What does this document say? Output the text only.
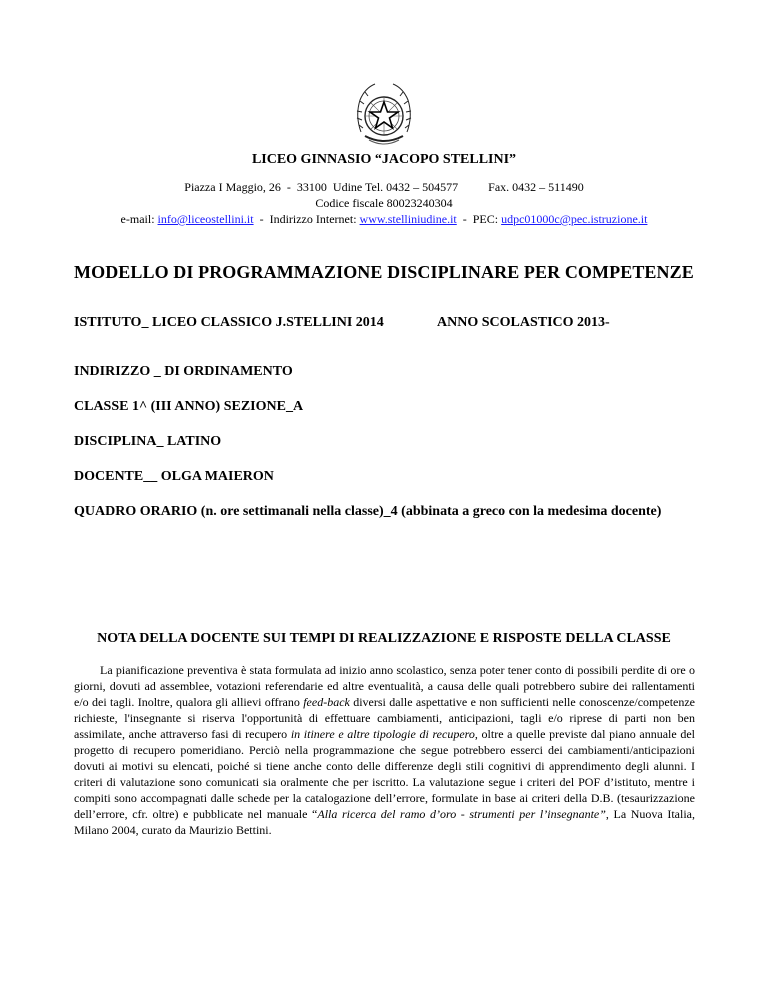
LICEO GINNASIO “JACOPO STELLINI”
Piazza I Maggio, 26  -  33100  Udine Tel. 0432 – 504577          Fax. 0432 – 511490
Codice fiscale 80023240304
e-mail: info@liceostellini.it  -  Indirizzo Internet: www.stelliniudine.it  -  PEC: udpc01000c@pec.istruzione.it
MODELLO DI PROGRAMMAZIONE DISCIPLINARE PER COMPETENZE
ISTITUTO_ LICEO CLASSICO J.STELLINI 2014	ANNO SCOLASTICO 2013-
INDIRIZZO _ DI ORDINAMENTO
CLASSE 1^ (III ANNO) SEZIONE_A
DISCIPLINA_ LATINO
DOCENTE__ OLGA MAIERON
QUADRO ORARIO (n. ore settimanali nella classe)_4 (abbinata a greco con la medesima docente)
NOTA DELLA DOCENTE SUI TEMPI DI REALIZZAZIONE E RISPOSTE DELLA CLASSE

La pianificazione preventiva è stata formulata ad inizio anno scolastico, senza poter tener conto di possibili perdite di ore o giorni, dovuti ad assemblee, votazioni referendarie ed altre eventualità, a causa delle quali potrebbero subire dei rallentamenti e/o dei tagli. Inoltre, qualora gli allievi offrano feed-back diversi dalle aspettative e non sufficienti nelle conoscenze/competenze richieste, l'insegnante si riserva l'opportunità di effettuare cambiamenti, anticipazioni, tagli e/o riprese di parti non ben assimilate, anche attraverso fasi di recupero in itinere e altre tipologie di recupero, oltre a quelle previste dal piano annuale del progetto di recupero pomeridiano. Perciò nella programmazione che segue potrebbero esserci dei cambiamenti/anticipazioni dovuti ai motivi su elencati, poiché si tiene anche conto delle differenze degli stili cognitivi di apprendimento degli alunni. I criteri di valutazione sono comunicati sia oralmente che per iscritto. La valutazione segue i criteri del POF d’istituto, mentre i compiti sono accompagnati dalle schede per la catalogazione dell’errore, formulate in base ai criteri della D.B. (tesaurizzazione dell’errore, cfr. oltre) e pubblicate nel manuale “Alla ricerca del ramo d’oro - strumenti per l’insegnante”, La Nuova Italia, Milano 2004, curato da Maurizio Bettini.
